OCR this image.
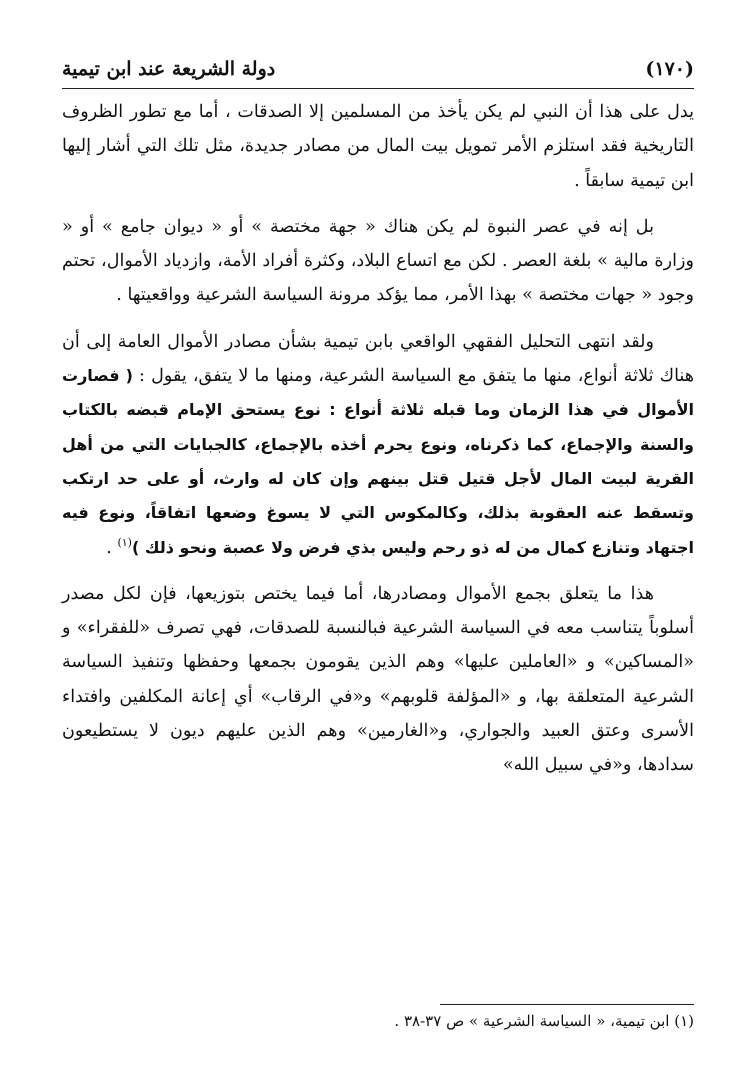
(١٧٠)
دولة الشريعة عند ابن تيمية

يدل على هذا أن النبي لم يكن يأخذ من المسلمين إلا الصدقات ، أما مع تطور الظروف التاريخية فقد استلزم الأمر تمويل بيت المال من مصادر جديدة، مثل تلك التي أشار إليها ابن تيمية سابقاً .

بل إنه في عصر النبوة لم يكن هناك « جهة مختصة » أو « ديوان جامع » أو « وزارة مالية » بلغة العصر . لكن مع اتساع البلاد، وكثرة أفراد الأمة، وازدياد الأموال، تحتم وجود « جهات مختصة » بهذا الأمر، مما يؤكد مرونة السياسة الشرعية وواقعيتها .

ولقد انتهى التحليل الفقهي الواقعي بابن تيمية بشأن مصادر الأموال العامة إلى أن هناك ثلاثة أنواع، منها ما يتفق مع السياسة الشرعية، ومنها ما لا يتفق، يقول : ( فصارت الأموال في هذا الزمان وما قبله ثلاثة أنواع : نوع يستحق الإمام قبضه بالكتاب والسنة والإجماع، كما ذكرناه، ونوع يحرم أخذه بالإجماع، كالجبايات التي من أهل القرية لبيت المال لأجل قتيل قتل بينهم وإن كان له وارث، أو على حد ارتكب وتسقط عنه العقوبة بذلك، وكالمكوس التي لا يسوغ وضعها اتفاقاً، ونوع فيه اجتهاد وتنازع كمال من له ذو رحم وليس بذي فرض ولا عصبة ونحو ذلك )$^{(١)}$ .

هذا ما يتعلق بجمع الأموال ومصادرها، أما فيما يختص بتوزيعها، فإن لكل مصدر أسلوباً يتناسب معه في السياسة الشرعية فبالنسبة للصدقات، فهي تصرف «للفقراء» و «المساكين» و «العاملين عليها» وهم الذين يقومون بجمعها وحفظها وتنفيذ السياسة الشرعية المتعلقة بها، و «المؤلفة قلوبهم» و«في الرقاب» أي إعانة المكلفين وافتداء الأسرى وعتق العبيد والجواري، و«الغارمين» وهم الذين عليهم ديون لا يستطيعون سدادها، و«في سبيل الله»

(١) ابن تيمية، « السياسة الشرعية » ص ٣٧-٣٨ .
